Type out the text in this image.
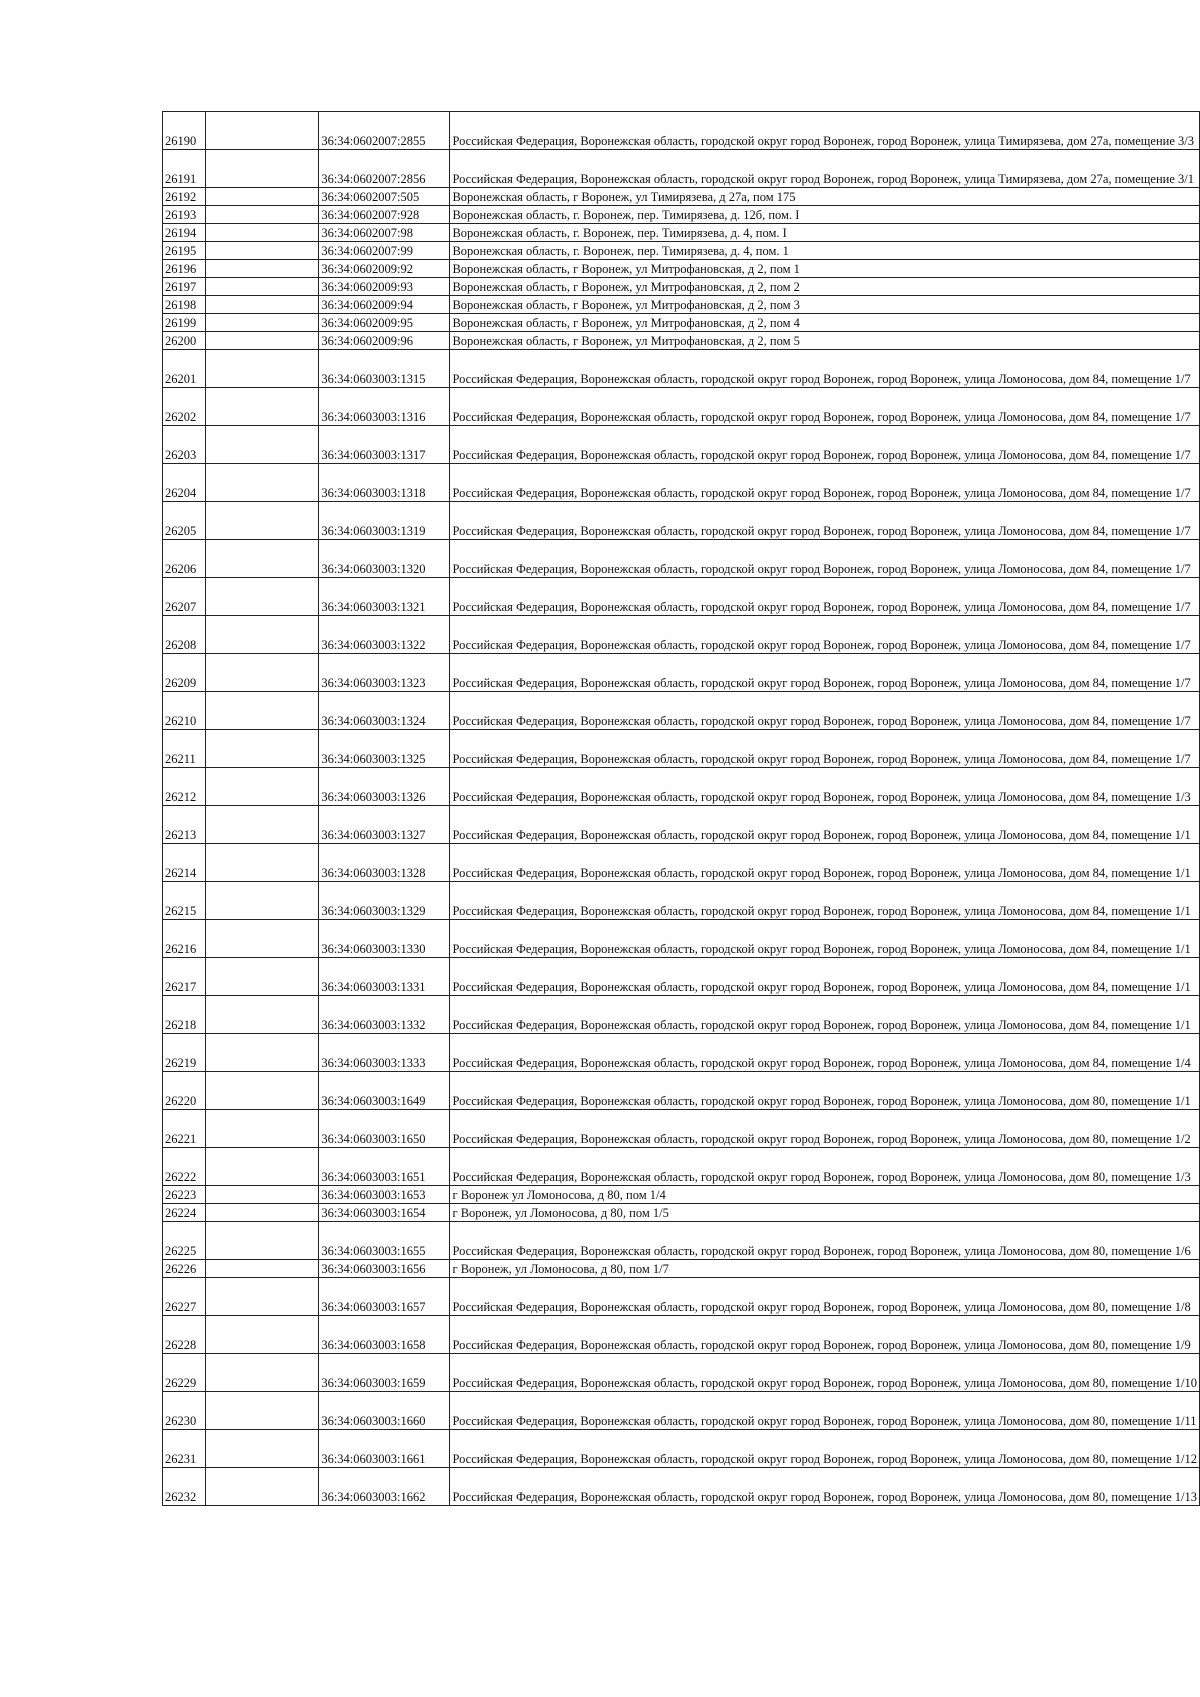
26190		36:34:0602007:2855	Российская Федерация, Воронежская область, городской округ город Воронеж, город Воронеж, улица Тимирязева, дом 27а, помещение 3/3
26191		36:34:0602007:2856	Российская Федерация, Воронежская область, городской округ город Воронеж, город Воронеж, улица Тимирязева, дом 27а, помещение 3/1
26192		36:34:0602007:505	Воронежская область, г Воронеж, ул Тимирязева, д 27а, пом 175
26193		36:34:0602007:928	Воронежская область, г. Воронеж, пер. Тимирязева, д. 12б, пом. I
26194		36:34:0602007:98	Воронежская область, г. Воронеж, пер. Тимирязева, д. 4, пом. I
26195		36:34:0602007:99	Воронежская область, г. Воронеж, пер. Тимирязева, д. 4, пом. 1
26196		36:34:0602009:92	Воронежская область, г Воронеж, ул Митрофановская, д 2, пом 1
26197		36:34:0602009:93	Воронежская область, г Воронеж, ул Митрофановская, д 2, пом 2
26198		36:34:0602009:94	Воронежская область, г Воронеж, ул Митрофановская, д 2, пом 3
26199		36:34:0602009:95	Воронежская область, г Воронеж, ул Митрофановская, д 2, пом 4
26200		36:34:0602009:96	Воронежская область, г Воронеж, ул Митрофановская, д 2, пом 5
26201		36:34:0603003:1315	Российская Федерация, Воронежская область, городской округ город Воронеж, город Воронеж, улица Ломоносова, дом 84, помещение 1/7
26202		36:34:0603003:1316	Российская Федерация, Воронежская область, городской округ город Воронеж, город Воронеж, улица Ломоносова, дом 84, помещение 1/7
26203		36:34:0603003:1317	Российская Федерация, Воронежская область, городской округ город Воронеж, город Воронеж, улица Ломоносова, дом 84, помещение 1/7
26204		36:34:0603003:1318	Российская Федерация, Воронежская область, городской округ город Воронеж, город Воронеж, улица Ломоносова, дом 84, помещение 1/7
26205		36:34:0603003:1319	Российская Федерация, Воронежская область, городской округ город Воронеж, город Воронеж, улица Ломоносова, дом 84, помещение 1/7
26206		36:34:0603003:1320	Российская Федерация, Воронежская область, городской округ город Воронеж, город Воронеж, улица Ломоносова, дом 84, помещение 1/7
26207		36:34:0603003:1321	Российская Федерация, Воронежская область, городской округ город Воронеж, город Воронеж, улица Ломоносова, дом 84, помещение 1/7
26208		36:34:0603003:1322	Российская Федерация, Воронежская область, городской округ город Воронеж, город Воронеж, улица Ломоносова, дом 84, помещение 1/7
26209		36:34:0603003:1323	Российская Федерация, Воронежская область, городской округ город Воронеж, город Воронеж, улица Ломоносова, дом 84, помещение 1/7
26210		36:34:0603003:1324	Российская Федерация, Воронежская область, городской округ город Воронеж, город Воронеж, улица Ломоносова, дом 84, помещение 1/7
26211		36:34:0603003:1325	Российская Федерация, Воронежская область, городской округ город Воронеж, город Воронеж, улица Ломоносова, дом 84, помещение 1/7
26212		36:34:0603003:1326	Российская Федерация, Воронежская область, городской округ город Воронеж, город Воронеж, улица Ломоносова, дом 84, помещение 1/3
26213		36:34:0603003:1327	Российская Федерация, Воронежская область, городской округ город Воронеж, город Воронеж, улица Ломоносова, дом 84, помещение 1/1
26214		36:34:0603003:1328	Российская Федерация, Воронежская область, городской округ город Воронеж, город Воронеж, улица Ломоносова, дом 84, помещение 1/1
26215		36:34:0603003:1329	Российская Федерация, Воронежская область, городской округ город Воронеж, город Воронеж, улица Ломоносова, дом 84, помещение 1/1
26216		36:34:0603003:1330	Российская Федерация, Воронежская область, городской округ город Воронеж, город Воронеж, улица Ломоносова, дом 84, помещение 1/1
26217		36:34:0603003:1331	Российская Федерация, Воронежская область, городской округ город Воронеж, город Воронеж, улица Ломоносова, дом 84, помещение 1/1
26218		36:34:0603003:1332	Российская Федерация, Воронежская область, городской округ город Воронеж, город Воронеж, улица Ломоносова, дом 84, помещение 1/1
26219		36:34:0603003:1333	Российская Федерация, Воронежская область, городской округ город Воронеж, город Воронеж, улица Ломоносова, дом 84, помещение 1/4
26220		36:34:0603003:1649	Российская Федерация, Воронежская область, городской округ город Воронеж, город Воронеж, улица Ломоносова, дом 80, помещение 1/1
26221		36:34:0603003:1650	Российская Федерация, Воронежская область, городской округ город Воронеж, город Воронеж, улица Ломоносова, дом 80, помещение 1/2
26222		36:34:0603003:1651	Российская Федерация, Воронежская область, городской округ город Воронеж, город Воронеж, улица Ломоносова, дом 80, помещение 1/3
26223		36:34:0603003:1653	г Воронеж ул Ломоносова, д 80, пом 1/4
26224		36:34:0603003:1654	г Воронеж, ул Ломоносова, д 80, пом 1/5
26225		36:34:0603003:1655	Российская Федерация, Воронежская область, городской округ город Воронеж, город Воронеж, улица Ломоносова, дом 80, помещение 1/6
26226		36:34:0603003:1656	г Воронеж, ул Ломоносова, д 80, пом 1/7
26227		36:34:0603003:1657	Российская Федерация, Воронежская область, городской округ город Воронеж, город Воронеж, улица Ломоносова, дом 80, помещение 1/8
26228		36:34:0603003:1658	Российская Федерация, Воронежская область, городской округ город Воронеж, город Воронеж, улица Ломоносова, дом 80, помещение 1/9
26229		36:34:0603003:1659	Российская Федерация, Воронежская область, городской округ город Воронеж, город Воронеж, улица Ломоносова, дом 80, помещение 1/10
26230		36:34:0603003:1660	Российская Федерация, Воронежская область, городской округ город Воронеж, город Воронеж, улица Ломоносова, дом 80, помещение 1/11
26231		36:34:0603003:1661	Российская Федерация, Воронежская область, городской округ город Воронеж, город Воронеж, улица Ломоносова, дом 80, помещение 1/12
26232		36:34:0603003:1662	Российская Федерация, Воронежская область, городской округ город Воронеж, город Воронеж, улица Ломоносова, дом 80, помещение 1/13
